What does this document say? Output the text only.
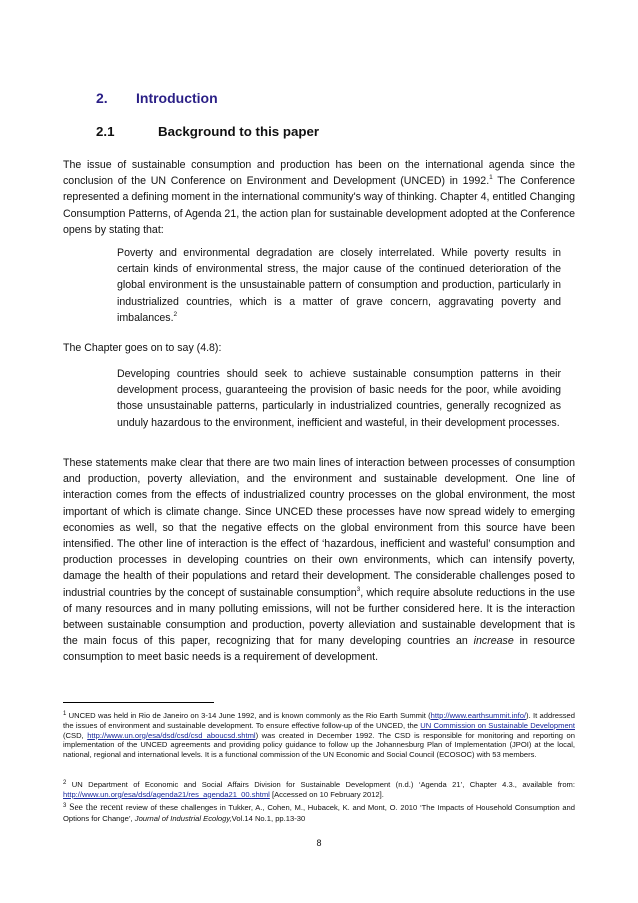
2. Introduction
2.1	Background to this paper

The issue of sustainable consumption and production has been on the international agenda since the conclusion of the UN Conference on Environment and Development (UNCED) in 1992.$^1$ The Conference represented a defining moment in the international community's way of thinking. Chapter 4, entitled Changing Consumption Patterns, of Agenda 21, the action plan for sustainable development adopted at the Conference opens by stating that:

Poverty and environmental degradation are closely interrelated. While poverty results in certain kinds of environmental stress, the major cause of the continued deterioration of the global environment is the unsustainable pattern of consumption and production, particularly in industrialized countries, which is a matter of grave concern, aggravating poverty and imbalances.$^2$

The Chapter goes on to say (4.8):

Developing countries should seek to achieve sustainable consumption patterns in their development process, guaranteeing the provision of basic needs for the poor, while avoiding those unsustainable patterns, particularly in industrialized countries, generally recognized as unduly hazardous to the environment, inefficient and wasteful, in their development processes.

These statements make clear that there are two main lines of interaction between processes of consumption and production, poverty alleviation, and the environment and sustainable development. One line of interaction comes from the effects of industrialized country processes on the global environment, the most important of which is climate change. Since UNCED these processes have now spread widely to emerging economies as well, so that the negative effects on the global environment from this source have been intensified. The other line of interaction is the effect of ‘hazardous, inefficient and wasteful’ consumption and production processes in developing countries on their own environments, which can intensify poverty, damage the health of their populations and retard their development. The considerable challenges posed to industrial countries by the concept of sustainable consumption$^3$, which require absolute reductions in the use of many resources and in many polluting emissions, will not be further considered here. It is the interaction between sustainable consumption and production, poverty alleviation and sustainable development that is the main focus of this paper, recognizing that for many developing countries an increase in resource consumption to meet basic needs is a requirement of development.

$^1$ UNCED was held in Rio de Janeiro on 3-14 June 1992, and is known commonly as the Rio Earth Summit (http://www.earthsummit.info/). It addressed the issues of environment and sustainable development. To ensure effective follow-up of the UNCED, the UN Commission on Sustainable Development (CSD, http://www.un.org/esa/dsd/csd/csd_aboucsd.shtml) was created in December 1992. The CSD is responsible for monitoring and reporting on implementation of the UNCED agreements and providing policy guidance to follow up the Johannesburg Plan of Implementation (JPOI) at the local, national, regional and international levels. It is a functional commission of the UN Economic and Social Council (ECOSOC) with 53 members.

$^2$ UN Department of Economic and Social Affairs Division for Sustainable Development (n.d.) ‘Agenda 21’, Chapter 4.3., available from: http://www.un.org/esa/dsd/agenda21/res_agenda21_00.shtml [Accessed on 10 February 2012].

$^3$ See the recent review of these challenges in Tukker, A., Cohen, M., Hubacek, K. and Mont, O. 2010 ‘The Impacts of Household Consumption and Options for Change’, Journal of Industrial Ecology,Vol.14 No.1, pp.13-30

8
